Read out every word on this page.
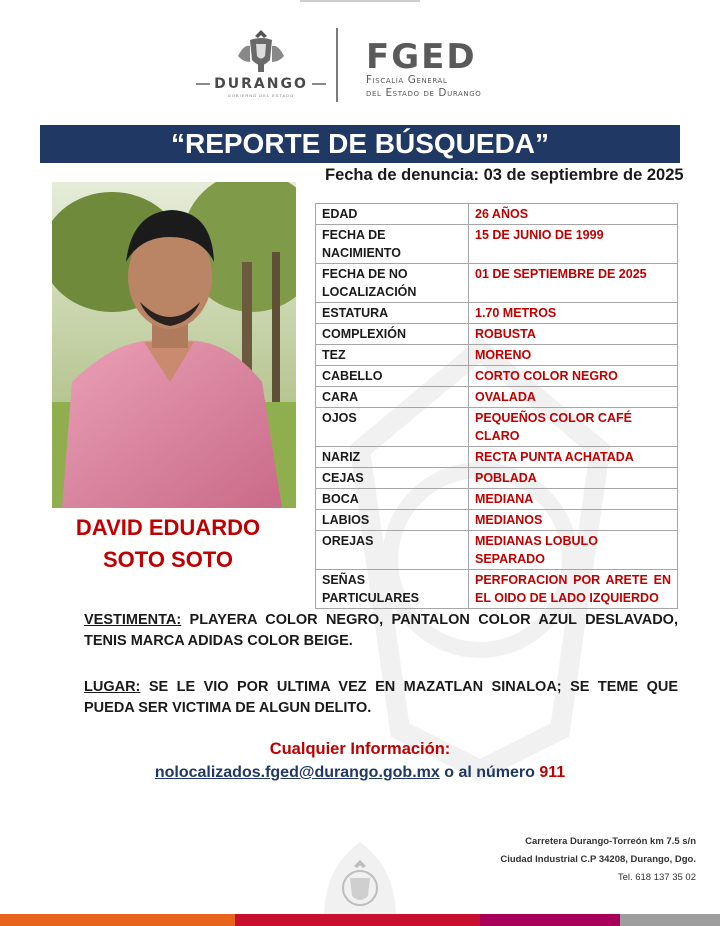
DURANGO
GOBIERNO DEL ESTADO
FGED
Fiscalía General
del Estado de Durango
“REPORTE DE BÚSQUEDA”
Fecha de denuncia: 03 de septiembre de 2025
DAVID EDUARDO
SOTO SOTO
EDAD	26 AÑOS
FECHA DE NACIMIENTO	15 DE JUNIO DE 1999
FECHA DE NO LOCALIZACIÓN	01 DE SEPTIEMBRE DE 2025
ESTATURA	1.70 METROS
COMPLEXIÓN	ROBUSTA
TEZ	MORENO
CABELLO	CORTO COLOR NEGRO
CARA	OVALADA
OJOS	PEQUEÑOS COLOR CAFÉ CLARO
NARIZ	RECTA PUNTA ACHATADA
CEJAS	POBLADA
BOCA	MEDIANA
LABIOS	MEDIANOS
OREJAS	MEDIANAS LOBULO SEPARADO
SEÑAS PARTICULARES	PERFORACION POR ARETE EN EL OIDO DE LADO IZQUIERDO
VESTIMENTA: PLAYERA COLOR NEGRO, PANTALON COLOR AZUL DESLAVADO, TENIS MARCA ADIDAS COLOR BEIGE.
LUGAR: SE LE VIO POR ULTIMA VEZ EN MAZATLAN SINALOA; SE TEME QUE PUEDA SER VICTIMA DE ALGUN DELITO.
Cualquier Información:
nolocalizados.fged@durango.gob.mx o al número 911
Carretera Durango-Torreón km 7.5 s/n
Ciudad Industrial C.P 34208, Durango, Dgo.
Tel. 618 137 35 02
